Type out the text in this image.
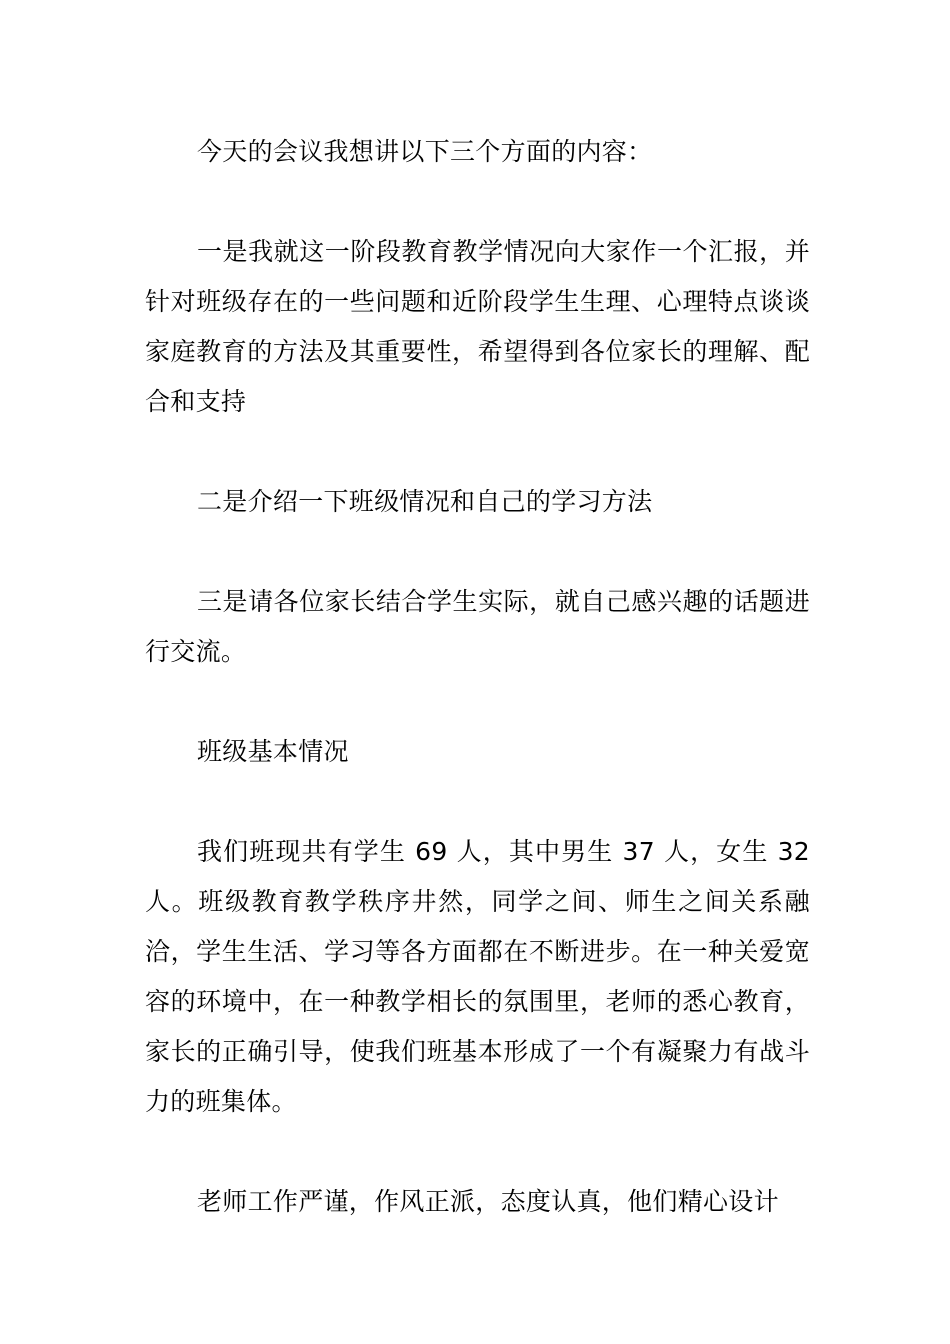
今天的会议我想讲以下三个方面的内容：

一是我就这一阶段教育教学情况向大家作一个汇报，并针对班级存在的一些问题和近阶段学生生理、心理特点谈谈家庭教育的方法及其重要性，希望得到各位家长的理解、配合和支持

二是介绍一下班级情况和自己的学习方法

三是请各位家长结合学生实际，就自己感兴趣的话题进行交流。

班级基本情况

我们班现共有学生 69 人，其中男生 37 人，女生 32 人。班级教育教学秩序井然，同学之间、师生之间关系融洽，学生生活、学习等各方面都在不断进步。在一种关爱宽容的环境中，在一种教学相长的氛围里，老师的悉心教育，家长的正确引导，使我们班基本形成了一个有凝聚力有战斗力的班集体。

老师工作严谨，作风正派，态度认真，他们精心设计
